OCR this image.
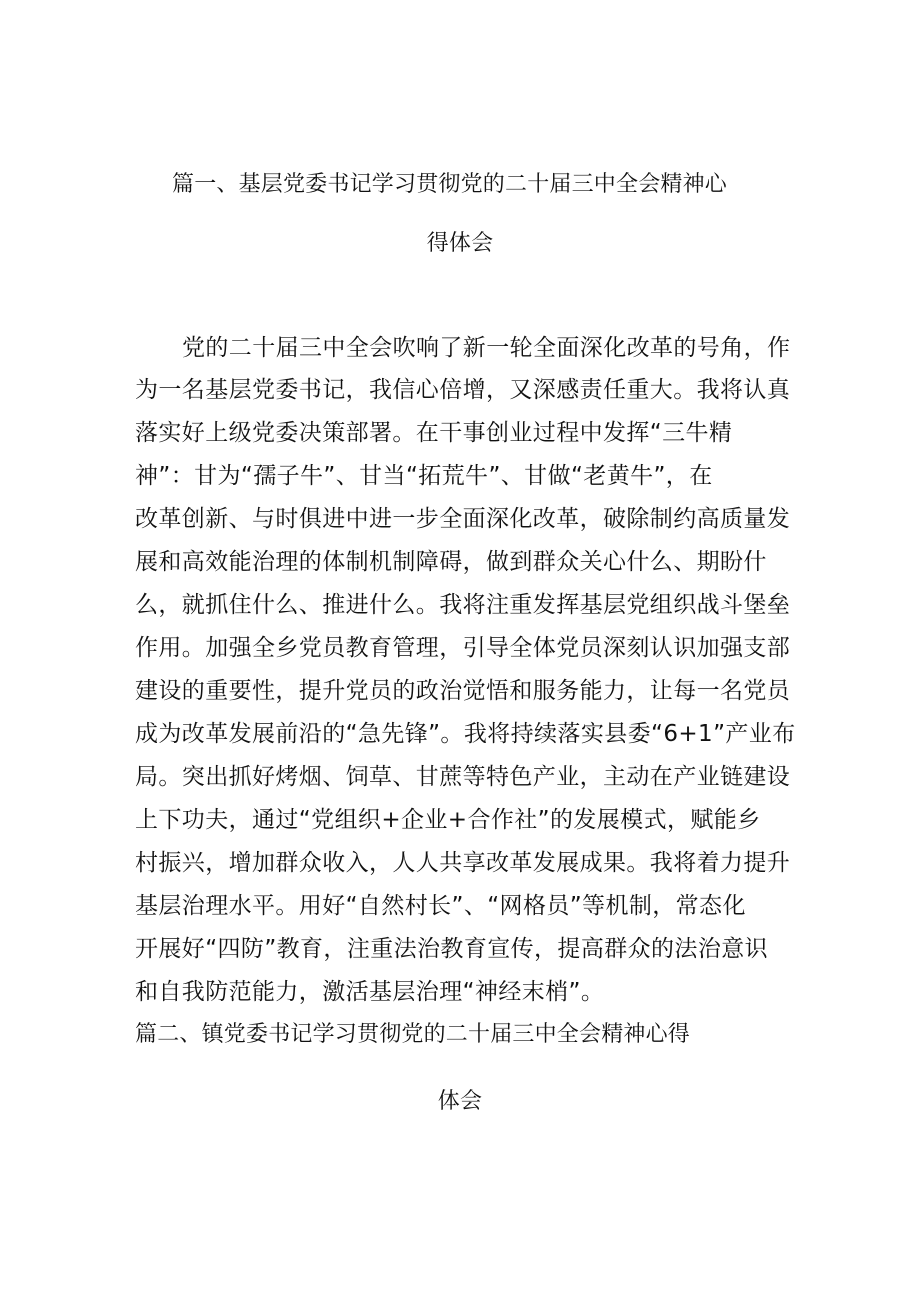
篇一、基层党委书记学习贯彻党的二十届三中全会精神心
得体会
党的二十届三中全会吹响了新一轮全面深化改革的号角，作
为一名基层党委书记，我信心倍增，又深感责任重大。我将认真
落实好上级党委决策部署。在干事创业过程中发挥“三牛精
神”：甘为“孺子牛”、甘当“拓荒牛”、甘做“老黄牛”，在
改革创新、与时俱进中进一步全面深化改革，破除制约高质量发
展和高效能治理的体制机制障碍，做到群众关心什么、期盼什
么，就抓住什么、推进什么。我将注重发挥基层党组织战斗堡垒
作用。加强全乡党员教育管理，引导全体党员深刻认识加强支部
建设的重要性，提升党员的政治觉悟和服务能力，让每一名党员
成为改革发展前沿的“急先锋”。我将持续落实县委“6+1”产业布
局。突出抓好烤烟、饲草、甘蔗等特色产业，主动在产业链建设
上下功夫，通过“党组织+企业+合作社”的发展模式，赋能乡
村振兴，增加群众收入，人人共享改革发展成果。我将着力提升
基层治理水平。用好“自然村长”、“网格员”等机制，常态化
开展好“四防”教育，注重法治教育宣传，提高群众的法治意识
和自我防范能力，激活基层治理“神经末梢”。
篇二、镇党委书记学习贯彻党的二十届三中全会精神心得
体会
